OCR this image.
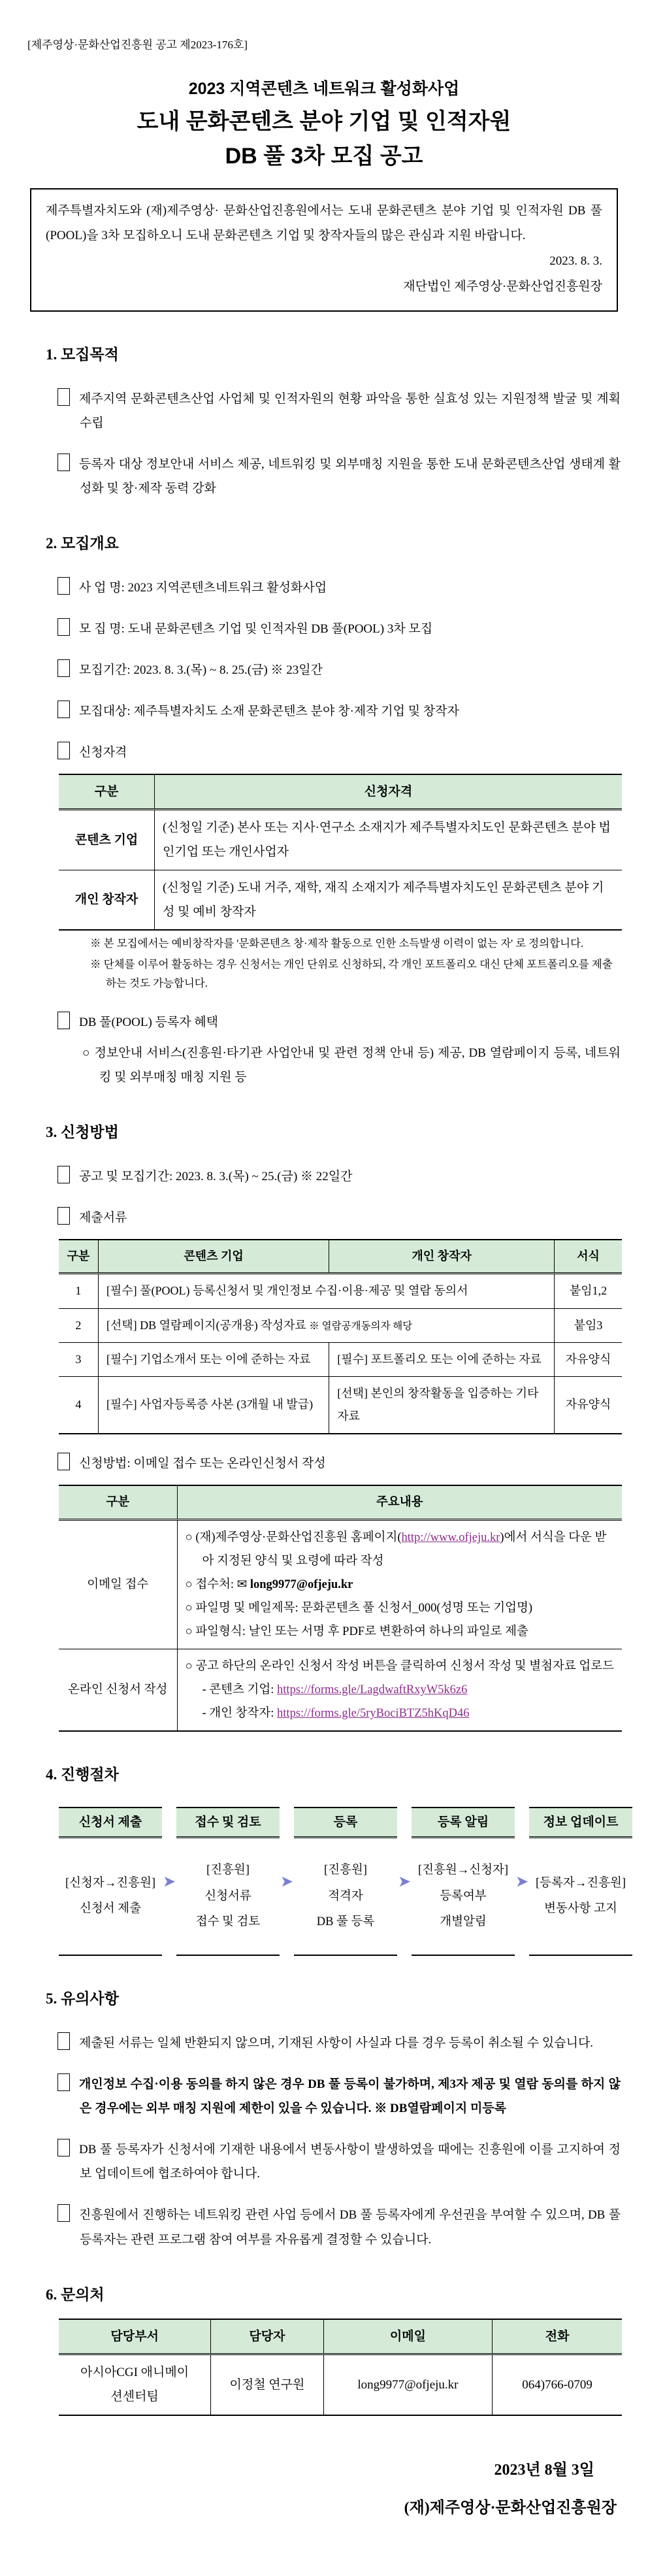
[제주영상·문화산업진흥원 공고 제2023-176호]

2023 지역콘텐츠 네트워크 활성화사업

도내 문화콘텐츠 분야 기업 및 인적자원

DB 풀 3차 모집 공고

제주특별자치도와 (재)제주영상· 문화산업진흥원에서는 도내 문화콘텐츠 분야 기업 및 인적자원 DB 풀(POOL)을 3차 모집하오니 도내 문화콘텐츠 기업 및 창작자들의 많은 관심과 지원 바랍니다.

2023. 8. 3.

재단법인 제주영상·문화산업진흥원장

1. 모집목적

제주지역 문화콘텐츠산업 사업체 및 인적자원의 현황 파악을 통한 실효성 있는 지원정책 발굴 및 계획 수립

등록자 대상 정보안내 서비스 제공, 네트워킹 및 외부매칭 지원을 통한 도내 문화콘텐츠산업 생태계 활성화 및 창·제작 동력 강화

2. 모집개요

사 업 명: 2023 지역콘텐츠네트워크 활성화사업

모 집 명: 도내 문화콘텐츠 기업 및 인적자원 DB 풀(POOL) 3차 모집

모집기간: 2023. 8. 3.(목) ~ 8. 25.(금) ※ 23일간

모집대상: 제주특별자치도 소재 문화콘텐츠 분야 창·제작 기업 및 창작자

신청자격

구분	신청자격
콘텐츠 기업	(신청일 기준) 본사 또는 지사·연구소 소재지가 제주특별자치도인 문화콘텐츠 분야 법인기업 또는 개인사업자
개인 창작자	(신청일 기준) 도내 거주, 재학, 재직 소재지가 제주특별자치도인 문화콘텐츠 분야 기성 및 예비 창작자

※ 본 모집에서는 예비창작자를 '문화콘텐츠 창·제작 활동으로 인한 소득발생 이력이 없는 자' 로 정의합니다.

※ 단체를 이루어 활동하는 경우 신청서는 개인 단위로 신청하되, 각 개인 포트폴리오 대신 단체 포트폴리오를 제출하는 것도 가능합니다.

DB 풀(POOL) 등록자 혜택

○ 정보안내 서비스(진흥원·타기관 사업안내 및 관련 정책 안내 등) 제공, DB 열람페이지 등록, 네트워킹 및 외부매칭 매칭 지원 등

3. 신청방법

공고 및 모집기간: 2023. 8. 3.(목) ~ 25.(금) ※ 22일간

제출서류

구분	콘텐츠 기업	개인 창작자	서식
1	[필수] 풀(POOL) 등록신청서 및 개인정보 수집·이용·제공 및 열람 동의서		붙임1,2
2	[선택] DB 열람페이지(공개용) 작성자료 ※ 열람공개동의자 해당		붙임3
3	[필수] 기업소개서 또는 이에 준하는 자료	[필수] 포트폴리오 또는 이에 준하는 자료	자유양식
4	[필수] 사업자등록증 사본 (3개월 내 발급)	[선택] 본인의 창작활동을 입증하는 기타자료	자유양식

신청방법: 이메일 접수 또는 온라인신청서 작성

구분	주요내용
이메일 접수	○ (재)제주영상·문화산업진흥원 홈페이지(http://www.ofjeju.kr)에서 서식을 다운 받아 지정된 양식 및 요령에 따라 작성
○ 접수처: ✉ long9977@ofjeju.kr
○ 파일명 및 메일제목: 문화콘텐츠 풀 신청서_000(성명 또는 기업명)
○ 파일형식: 날인 또는 서명 후 PDF로 변환하여 하나의 파일로 제출

온라인 신청서 작성	○ 공고 하단의 온라인 신청서 작성 버튼을 클릭하여 신청서 작성 및 별첨자료 업로드
- 콘텐츠 기업: https://forms.gle/LagdwaftRxyW5k6z6
- 개인 창작자: https://forms.gle/5ryBociBTZ5hKqD46

4. 진행절차

신청서 제출
[신청자→진흥원]
신청서 제출
➤
접수 및 검토
[진흥원]
신청서류
접수 및 검토
➤
등록
[진흥원]
적격자
DB 풀 등록
➤
등록 알림
[진흥원→신청자]
등록여부
개별알림
➤
정보 업데이트
[등록자→진흥원]
변동사항 고지

5. 유의사항

제출된 서류는 일체 반환되지 않으며, 기재된 사항이 사실과 다를 경우 등록이 취소될 수 있습니다.

개인정보 수집·이용 동의를 하지 않은 경우 DB 풀 등록이 불가하며, 제3자 제공 및 열람 동의를 하지 않은 경우에는 외부 매칭 지원에 제한이 있을 수 있습니다. ※ DB열람페이지 미등록

DB 풀 등록자가 신청서에 기재한 내용에서 변동사항이 발생하였을 때에는 진흥원에 이를 고지하여 정보 업데이트에 협조하여야 합니다.

진흥원에서 진행하는 네트워킹 관련 사업 등에서 DB 풀 등록자에게 우선권을 부여할 수 있으며, DB 풀 등록자는 관련 프로그램 참여 여부를 자유롭게 결정할 수 있습니다.

6. 문의처

담당부서	담당자	이메일	전화
아시아CGI 애니메이션센터팀	이정철 연구원	long9977@ofjeju.kr	064)766-0709

2023년 8월 3일

(재)제주영상·문화산업진흥원장
